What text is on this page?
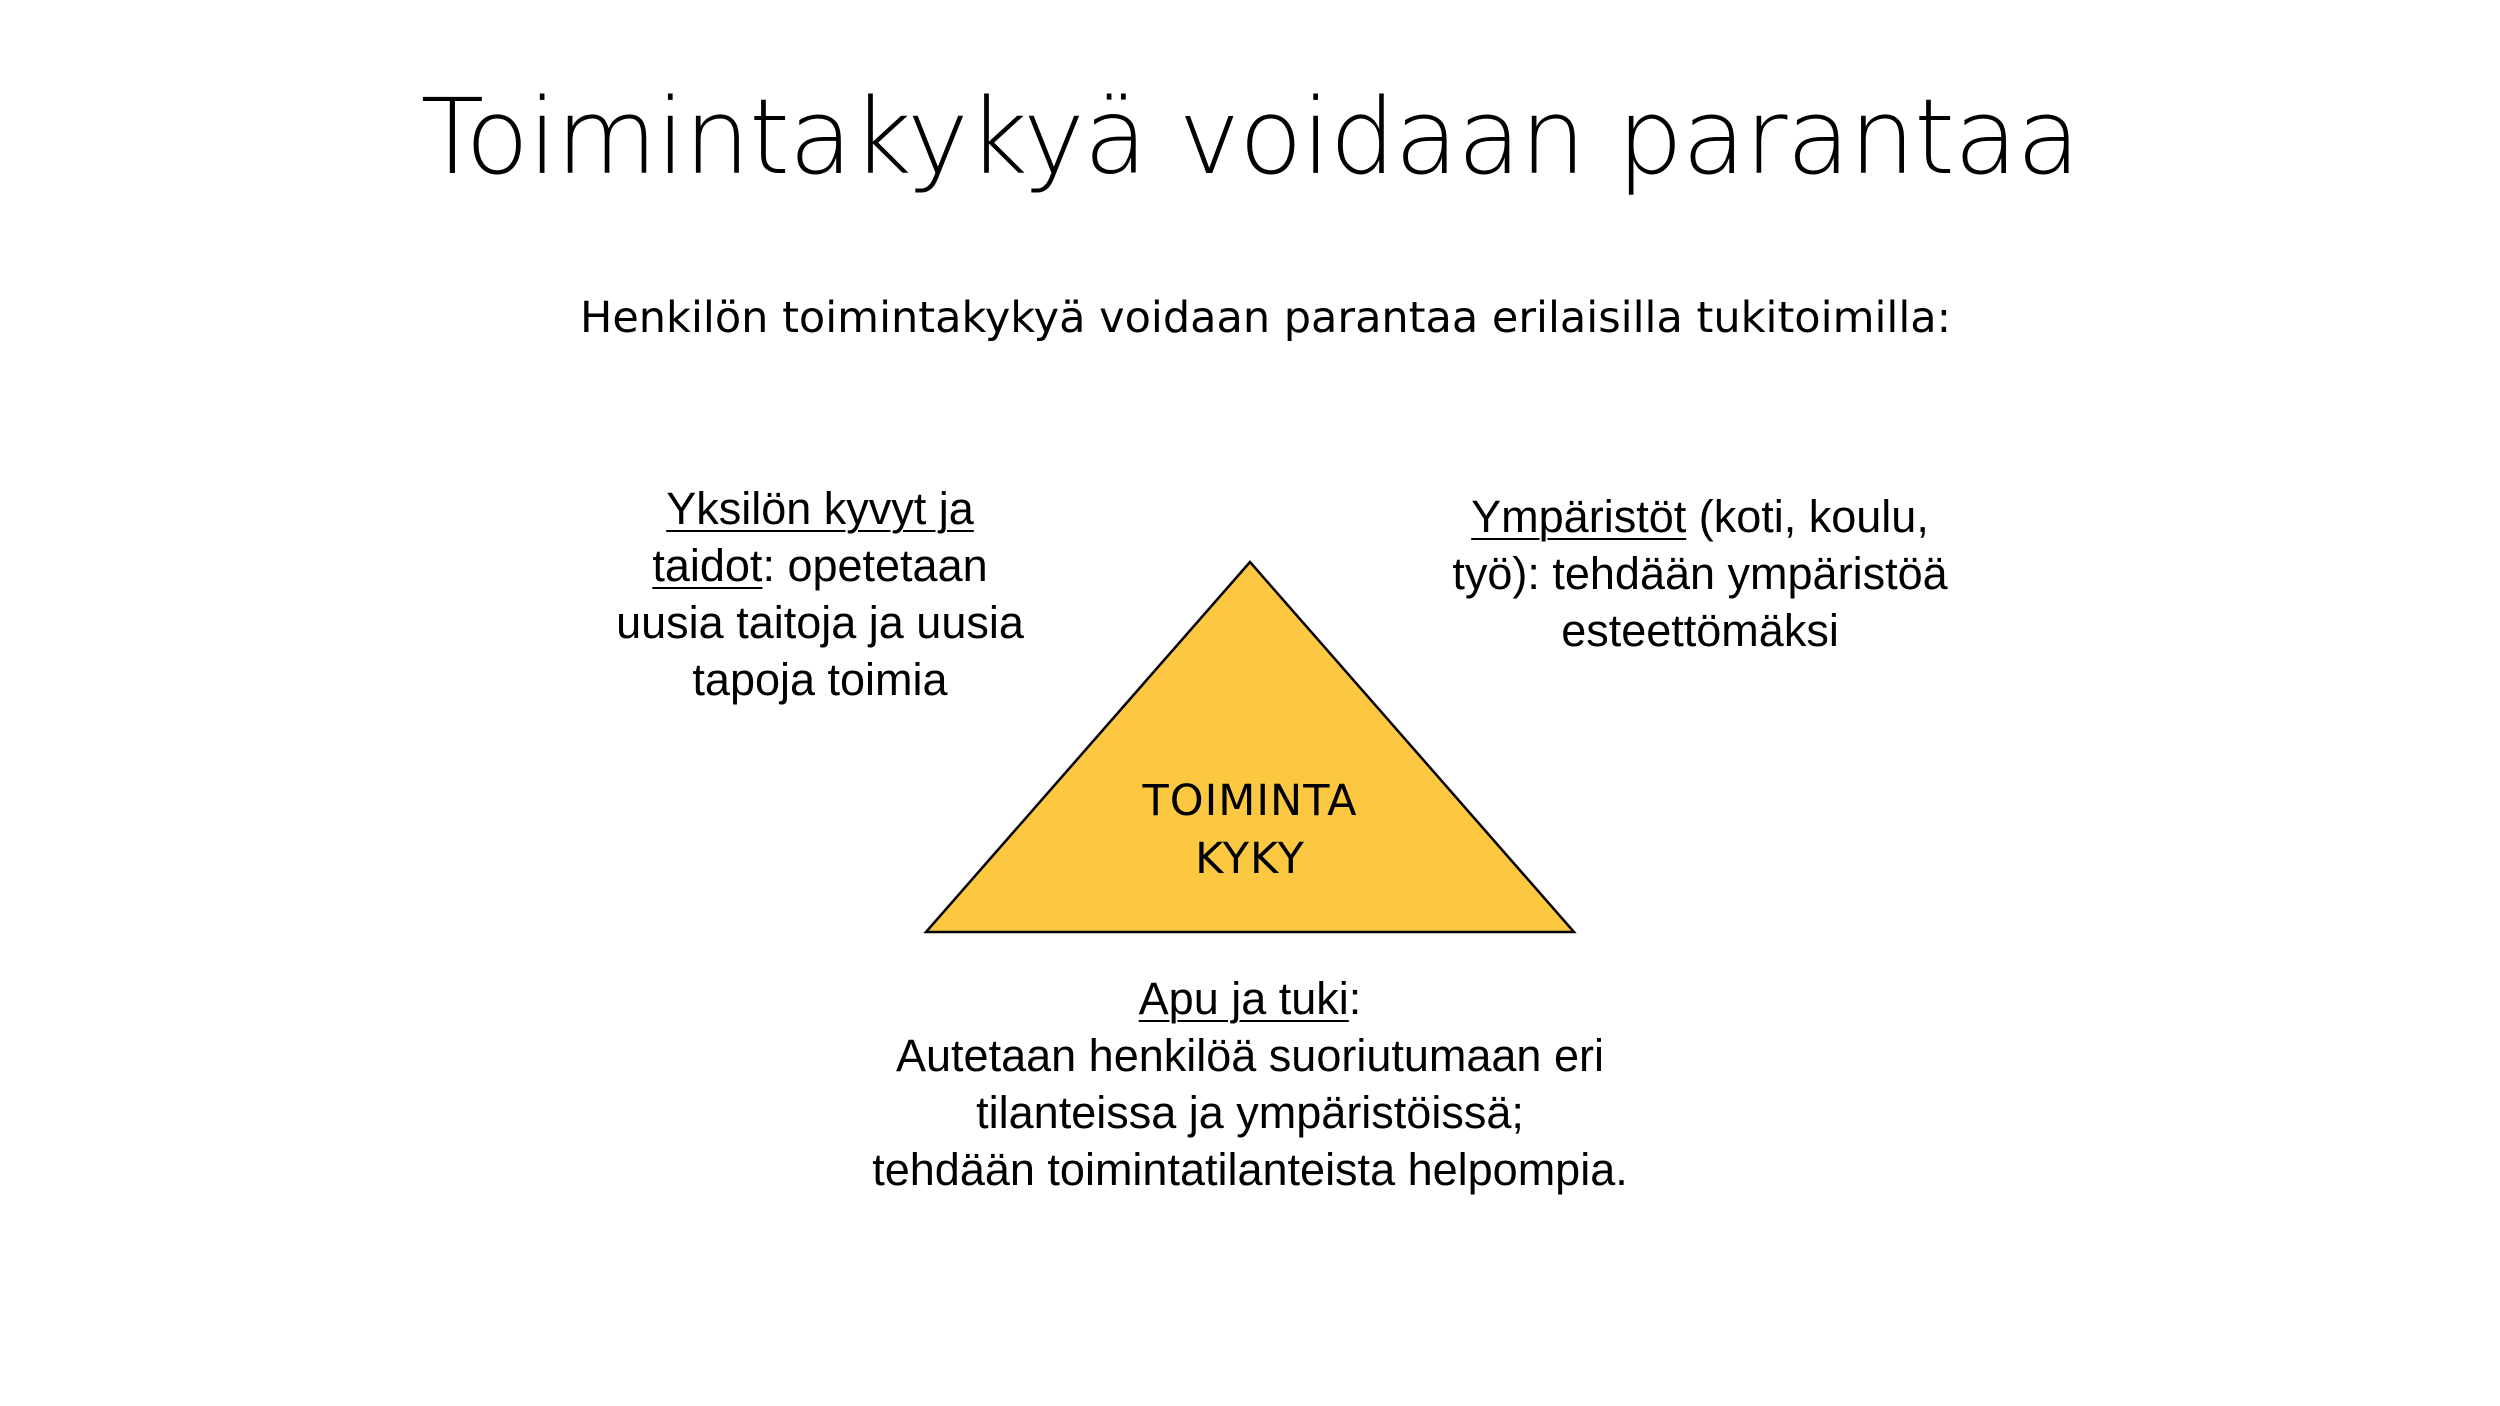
Toimintakykyä voidaan parantaa
Henkilön toimintakykyä voidaan parantaa erilaisilla tukitoimilla:
TOIMINTA
KYKY
Yksilön kyvyt ja
taidot: opetetaan
uusia taitoja ja uusia
tapoja toimia
Ympäristöt (koti, koulu,
työ): tehdään ympäristöä
esteettömäksi
Apu ja tuki:
Autetaan henkilöä suoriutumaan eri
tilanteissa ja ympäristöissä;
tehdään toimintatilanteista helpompia.
